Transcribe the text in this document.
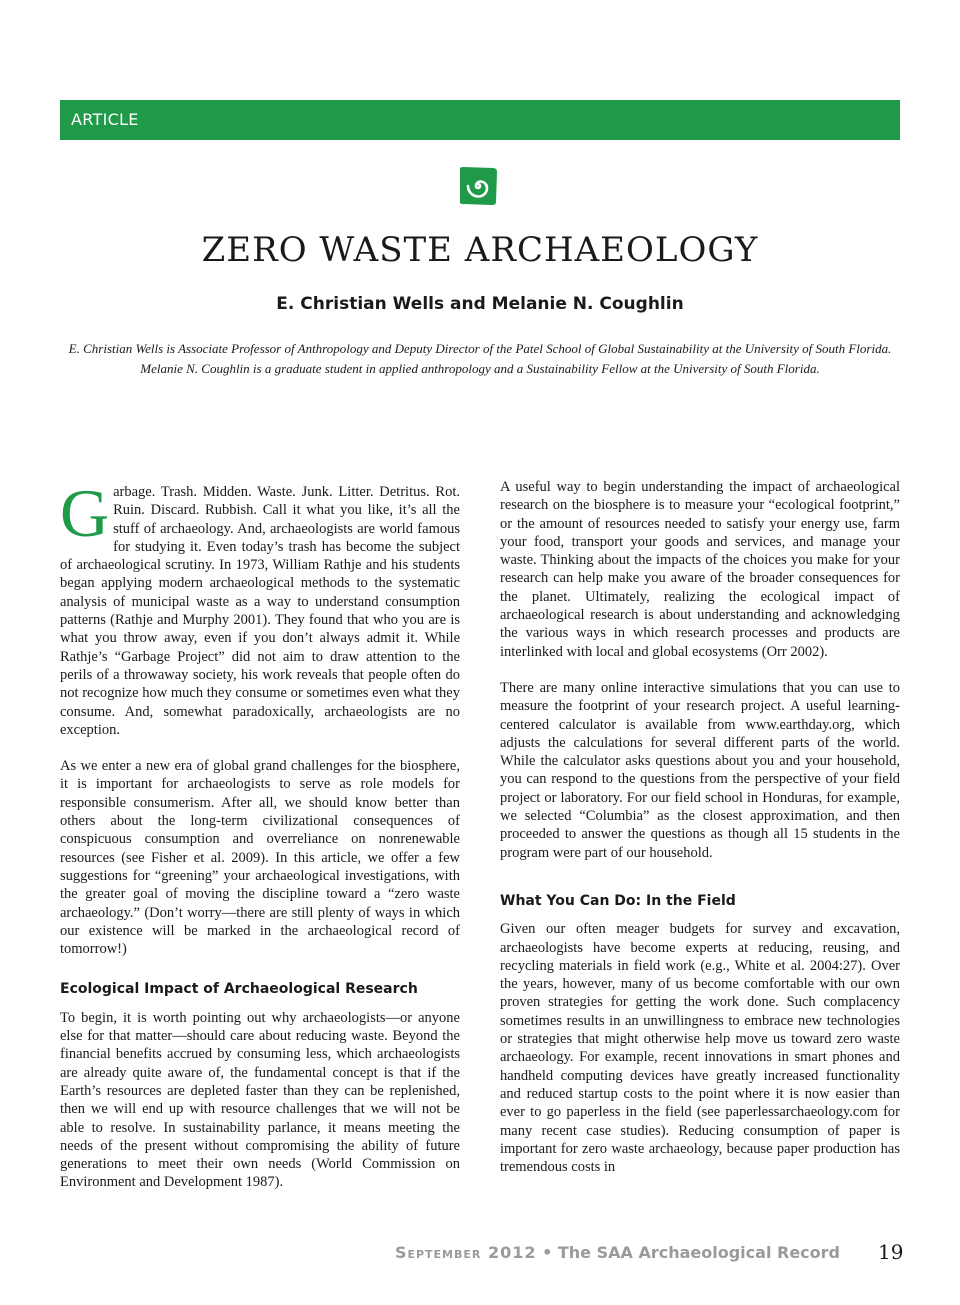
ARTICLE
ZERO WASTE ARCHAEOLOGY
E. Christian Wells and Melanie N. Coughlin
E. Christian Wells is Associate Professor of Anthropology and Deputy Director of the Patel School of Global Sustainability at the University of South Florida.
Melanie N. Coughlin is a graduate student in applied anthropology and a Sustainability Fellow at the University of South Florida.

Garbage. Trash. Midden. Waste. Junk. Litter. Detritus. Rot. Ruin. Discard. Rubbish. Call it what you like, it’s all the stuff of archaeology. And, archaeologists are world famous for studying it. Even today’s trash has become the subject of archaeological scrutiny. In 1973, William Rathje and his students began applying modern archaeological methods to the systematic analysis of municipal waste as a way to understand consumption patterns (Rathje and Murphy 2001). They found that who you are is what you throw away, even if you don’t always admit it. While Rathje’s “Garbage Project” did not aim to draw attention to the perils of a throwaway society, his work reveals that people often do not recognize how much they consume or sometimes even what they consume. And, somewhat paradoxically, archaeologists are no exception.

As we enter a new era of global grand challenges for the biosphere, it is important for archaeologists to serve as role models for responsible consumerism. After all, we should know better than others about the long-term civilizational consequences of conspicuous consumption and overreliance on nonrenewable resources (see Fisher et al. 2009). In this article, we offer a few suggestions for “greening” your archaeological investigations, with the greater goal of moving the discipline toward a “zero waste archaeology.” (Don’t worry—there are still plenty of ways in which our existence will be marked in the archaeological record of tomorrow!)

Ecological Impact of Archaeological Research

To begin, it is worth pointing out why archaeologists—or anyone else for that matter—should care about reducing waste. Beyond the financial benefits accrued by consuming less, which archaeologists are already quite aware of, the fundamental concept is that if the Earth’s resources are depleted faster than they can be replenished, then we will end up with resource challenges that we will not be able to resolve. In sustainability parlance, it means meeting the needs of the present without compromising the ability of future generations to meet their own needs (World Commission on Environment and Development 1987).

A useful way to begin understanding the impact of archaeological research on the biosphere is to measure your “ecological footprint,” or the amount of resources needed to satisfy your energy use, farm your food, transport your goods and services, and manage your waste. Thinking about the impacts of the choices you make for your research can help make you aware of the broader consequences for the planet. Ultimately, realizing the ecological impact of archaeological research is about understanding and acknowledging the various ways in which research processes and products are interlinked with local and global ecosystems (Orr 2002).

There are many online interactive simulations that you can use to measure the footprint of your research project. A useful learning-centered calculator is available from www.earthday.org, which adjusts the calculations for several different parts of the world. While the calculator asks questions about you and your household, you can respond to the questions from the perspective of your field project or laboratory. For our field school in Honduras, for example, we selected “Columbia” as the closest approximation, and then proceeded to answer the questions as though all 15 students in the program were part of our household.

What You Can Do: In the Field

Given our often meager budgets for survey and excavation, archaeologists have become experts at reducing, reusing, and recycling materials in field work (e.g., White et al. 2004:27). Over the years, however, many of us become comfortable with our own proven strategies for getting the work done. Such complacency sometimes results in an unwillingness to embrace new technologies or strategies that might otherwise help move us toward zero waste archaeology. For example, recent innovations in smart phones and handheld computing devices have greatly increased functionality and reduced startup costs to the point where it is now easier than ever to go paperless in the field (see paperlessarchaeology.com for many recent case studies). Reducing consumption of paper is important for zero waste archaeology, because paper production has tremendous costs in

September 2012 • The SAA Archaeological Record 19
